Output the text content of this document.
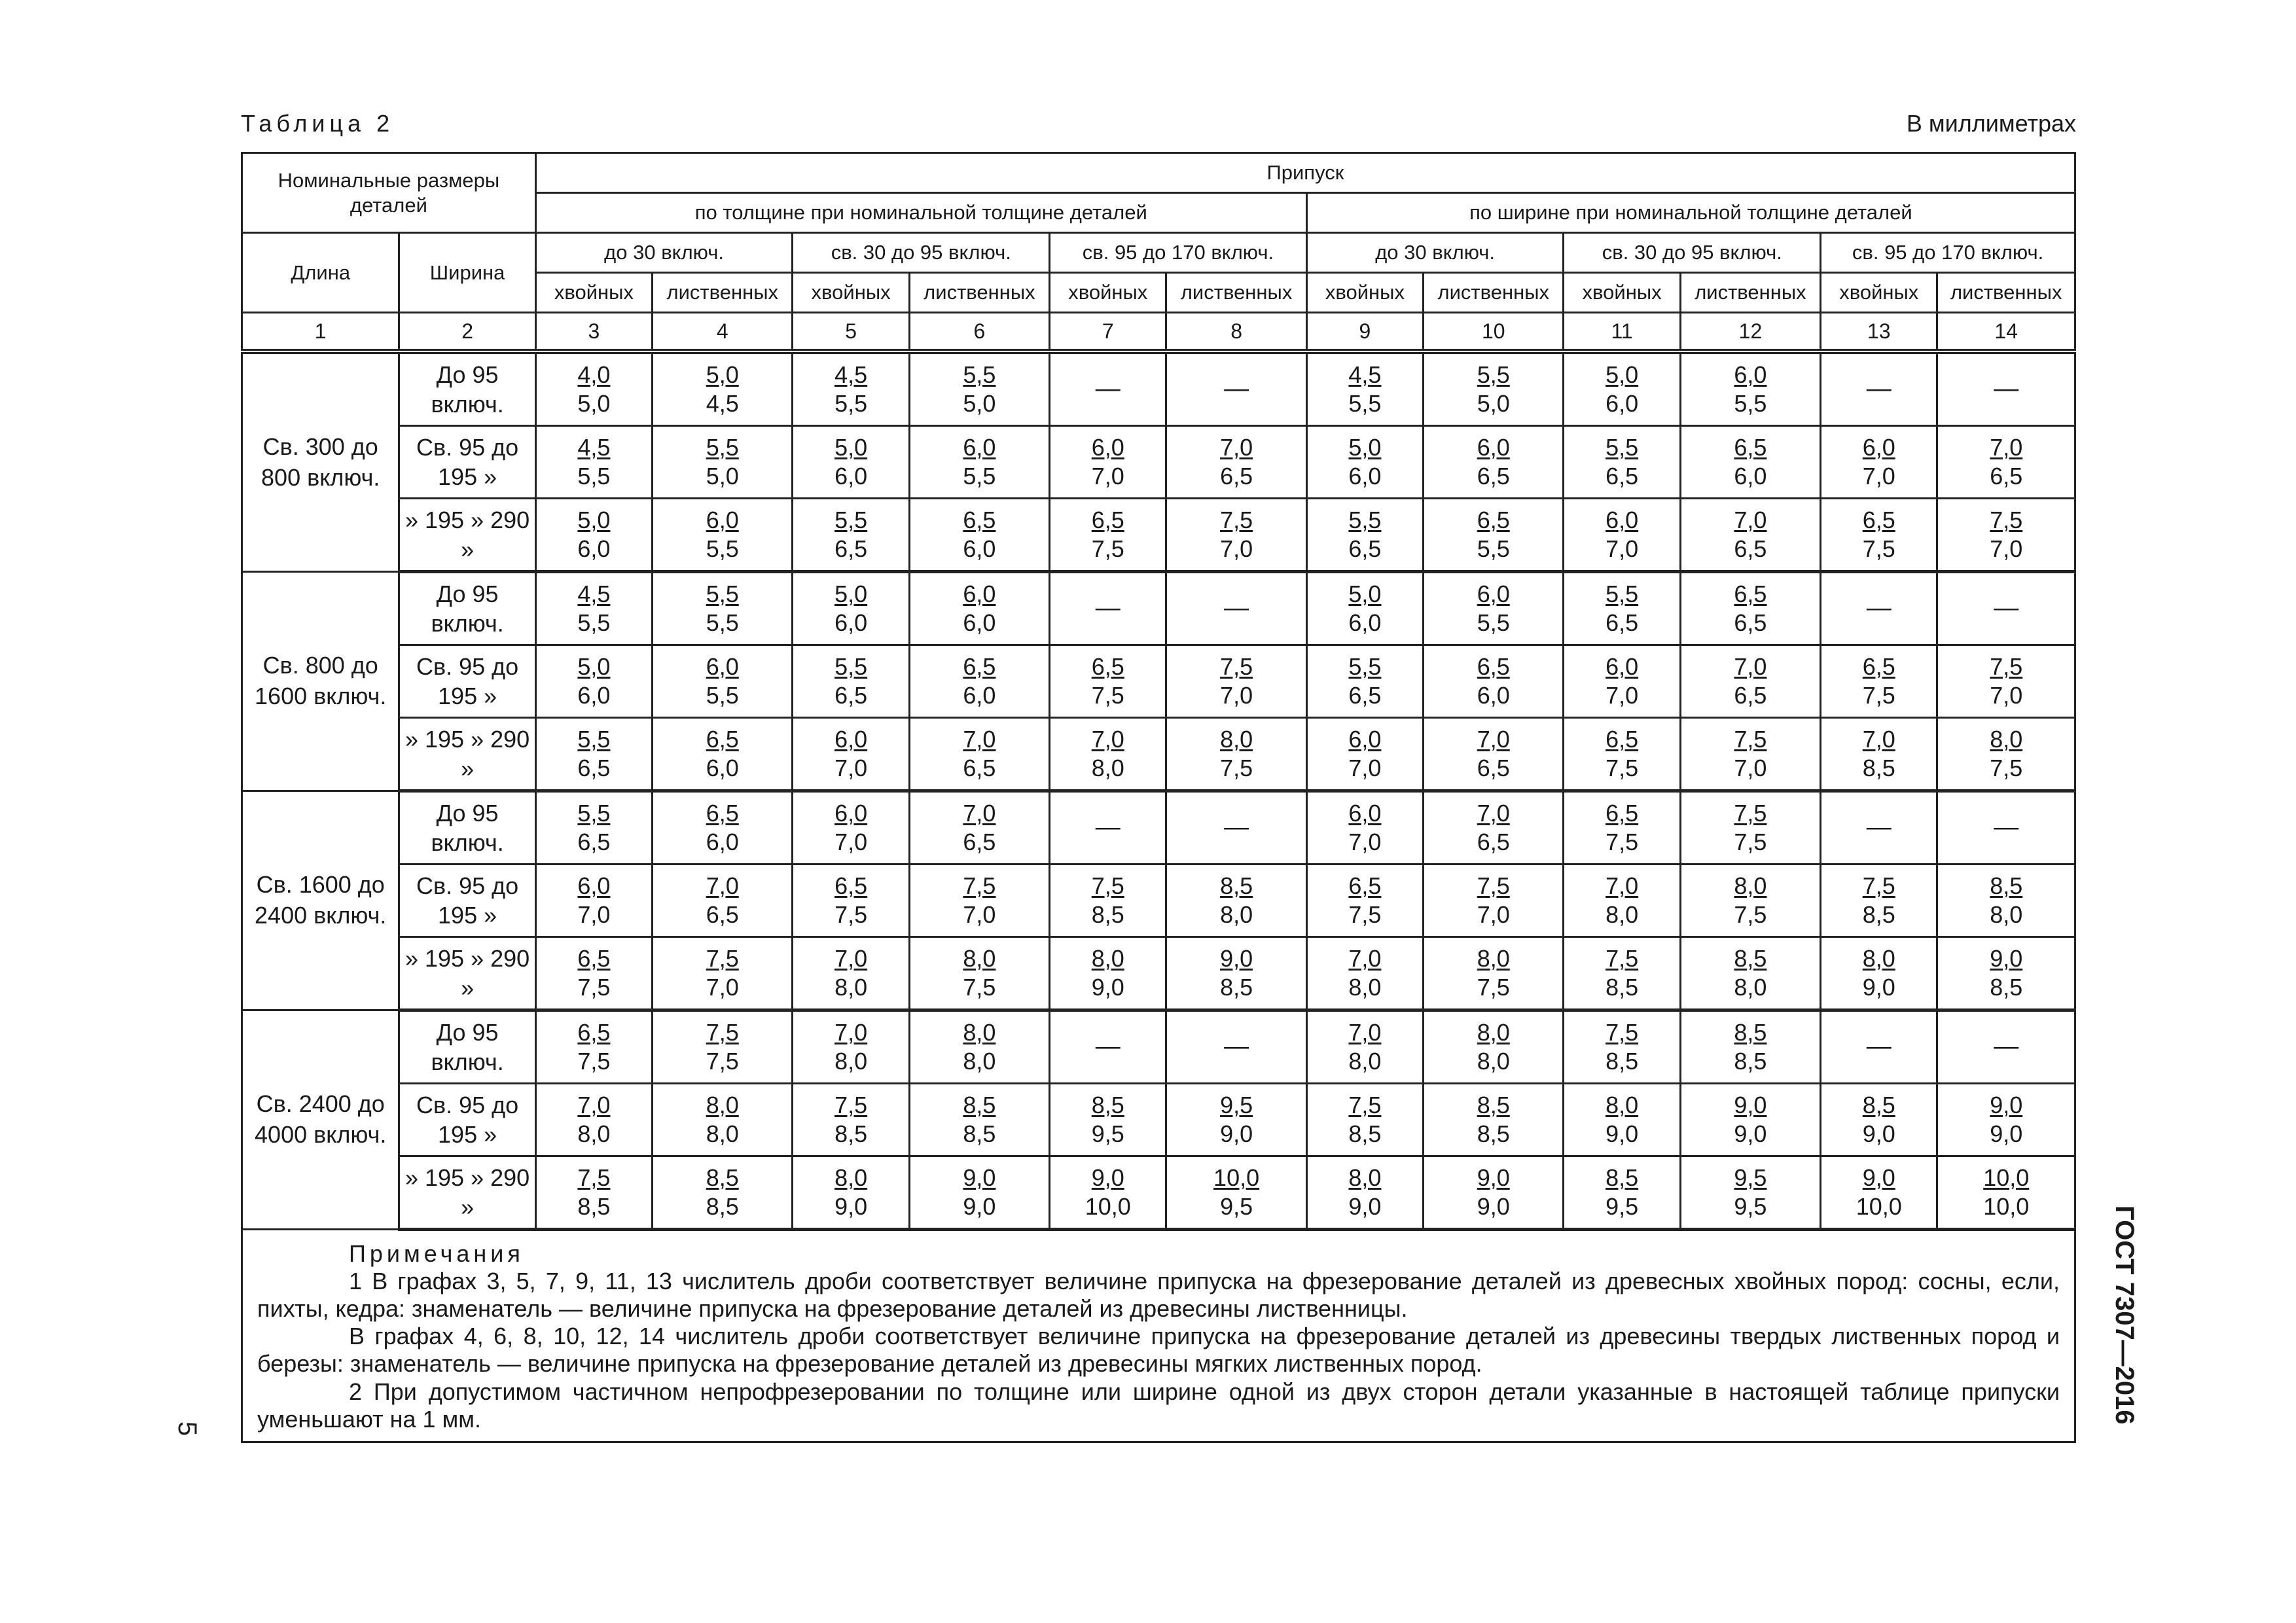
Таблица 2	В миллиметрах
Номинальные размеры деталей		Припуск											
		по толщине при номинальной толщине деталей						по ширине при номинальной толщине деталей					
Длина	Ширина	до 30 включ.		св. 30 до 95 включ.		св. 95 до 170 включ.		до 30 включ.		св. 30 до 95 включ.		св. 95 до 170 включ.	
		хвойных	лиственных	хвойных	лиственных	хвойных	лиственных	хвойных	лиственных	хвойных	лиственных	хвойных	лиственных
1	2	3	4	5	6	7	8	9	10	11	12	13	14
Св. 300 до 800 включ.	До 95 включ.	$\frac{4,0}{5,0}$	$\frac{5,0}{4,5}$	$\frac{4,5}{5,5}$	$\frac{5,5}{5,0}$	—	—	$\frac{4,5}{5,5}$	$\frac{5,5}{5,0}$	$\frac{5,0}{6,0}$	$\frac{6,0}{5,5}$	—	—
	Св. 95 до 195 »	$\frac{4,5}{5,5}$	$\frac{5,5}{5,0}$	$\frac{5,0}{6,0}$	$\frac{6,0}{5,5}$	$\frac{6,0}{7,0}$	$\frac{7,0}{6,5}$	$\frac{5,0}{6,0}$	$\frac{6,0}{6,5}$	$\frac{5,5}{6,5}$	$\frac{6,5}{6,0}$	$\frac{6,0}{7,0}$	$\frac{7,0}{6,5}$

	» 195 » 290 »	$\frac{5,0}{6,0}$	$\frac{6,0}{5,5}$	$\frac{5,5}{6,5}$	$\frac{6,5}{6,0}$	$\frac{6,5}{7,5}$	$\frac{7,5}{7,0}$	$\frac{5,5}{6,5}$	$\frac{6,5}{5,5}$	$\frac{6,0}{7,0}$	$\frac{7,0}{6,5}$	$\frac{6,5}{7,5}$	$\frac{7,5}{7,0}$

Св. 800 до 1600 включ.	До 95 включ.	$\frac{4,5}{5,5}$	$\frac{5,5}{5,5}$	$\frac{5,0}{6,0}$	$\frac{6,0}{6,0}$	—	—	$\frac{5,0}{6,0}$	$\frac{6,0}{5,5}$	$\frac{5,5}{6,5}$	$\frac{6,5}{6,5}$	—	—
	Св. 95 до 195 »	$\frac{5,0}{6,0}$	$\frac{6,0}{5,5}$	$\frac{5,5}{6,5}$	$\frac{6,5}{6,0}$	$\frac{6,5}{7,5}$	$\frac{7,5}{7,0}$	$\frac{5,5}{6,5}$	$\frac{6,5}{6,0}$	$\frac{6,0}{7,0}$	$\frac{7,0}{6,5}$	$\frac{6,5}{7,5}$	$\frac{7,5}{7,0}$

	» 195 » 290 »	$\frac{5,5}{6,5}$	$\frac{6,5}{6,0}$	$\frac{6,0}{7,0}$	$\frac{7,0}{6,5}$	$\frac{7,0}{8,0}$	$\frac{8,0}{7,5}$	$\frac{6,0}{7,0}$	$\frac{7,0}{6,5}$	$\frac{6,5}{7,5}$	$\frac{7,5}{7,0}$	$\frac{7,0}{8,5}$	$\frac{8,0}{7,5}$

Св. 1600 до 2400 включ.	До 95 включ.	$\frac{5,5}{6,5}$	$\frac{6,5}{6,0}$	$\frac{6,0}{7,0}$	$\frac{7,0}{6,5}$	—	—	$\frac{6,0}{7,0}$	$\frac{7,0}{6,5}$	$\frac{6,5}{7,5}$	$\frac{7,5}{7,5}$	—	—
	Св. 95 до 195 »	$\frac{6,0}{7,0}$	$\frac{7,0}{6,5}$	$\frac{6,5}{7,5}$	$\frac{7,5}{7,0}$	$\frac{7,5}{8,5}$	$\frac{8,5}{8,0}$	$\frac{6,5}{7,5}$	$\frac{7,5}{7,0}$	$\frac{7,0}{8,0}$	$\frac{8,0}{7,5}$	$\frac{7,5}{8,5}$	$\frac{8,5}{8,0}$

	» 195 » 290 »	$\frac{6,5}{7,5}$	$\frac{7,5}{7,0}$	$\frac{7,0}{8,0}$	$\frac{8,0}{7,5}$	$\frac{8,0}{9,0}$	$\frac{9,0}{8,5}$	$\frac{7,0}{8,0}$	$\frac{8,0}{7,5}$	$\frac{7,5}{8,5}$	$\frac{8,5}{8,0}$	$\frac{8,0}{9,0}$	$\frac{9,0}{8,5}$

Св. 2400 до 4000 включ.	До 95 включ.	$\frac{6,5}{7,5}$	$\frac{7,5}{7,5}$	$\frac{7,0}{8,0}$	$\frac{8,0}{8,0}$	—	—	$\frac{7,0}{8,0}$	$\frac{8,0}{8,0}$	$\frac{7,5}{8,5}$	$\frac{8,5}{8,5}$	—	—
	Св. 95 до 195 »	$\frac{7,0}{8,0}$	$\frac{8,0}{8,0}$	$\frac{7,5}{8,5}$	$\frac{8,5}{8,5}$	$\frac{8,5}{9,5}$	$\frac{9,5}{9,0}$	$\frac{7,5}{8,5}$	$\frac{8,5}{8,5}$	$\frac{8,0}{9,0}$	$\frac{9,0}{9,0}$	$\frac{8,5}{9,0}$	$\frac{9,0}{9,0}$

	» 195 » 290 »	$\frac{7,5}{8,5}$	$\frac{8,5}{8,5}$	$\frac{8,0}{9,0}$	$\frac{9,0}{9,0}$	$\frac{9,0}{10,0}$	$\frac{10,0}{9,5}$	$\frac{8,0}{9,0}$	$\frac{9,0}{9,0}$	$\frac{8,5}{9,5}$	$\frac{9,5}{9,5}$	$\frac{9,0}{10,0}$	$\frac{10,0}{10,0}$

Примечания

1 В графах 3, 5, 7, 9, 11, 13 числитель дроби соответствует величине припуска на фрезерование деталей из древесных хвойных пород: сосны, если, пихты, кедра: знаменатель — величине припуска на фрезерование деталей из древесины лиственницы.

В графах 4, 6, 8, 10, 12, 14 числитель дроби соответствует величине припуска на фрезерование деталей из древесины твердых лиственных пород и березы: знаменатель — величине припуска на фрезерование деталей из древесины мягких лиственных пород.

2 При допустимом частичном непрофрезеровании по толщине или ширине одной из двух сторон детали указанные в настоящей таблице припуски уменьшают на 1 мм.														ГОСТ 7307—2016
5
